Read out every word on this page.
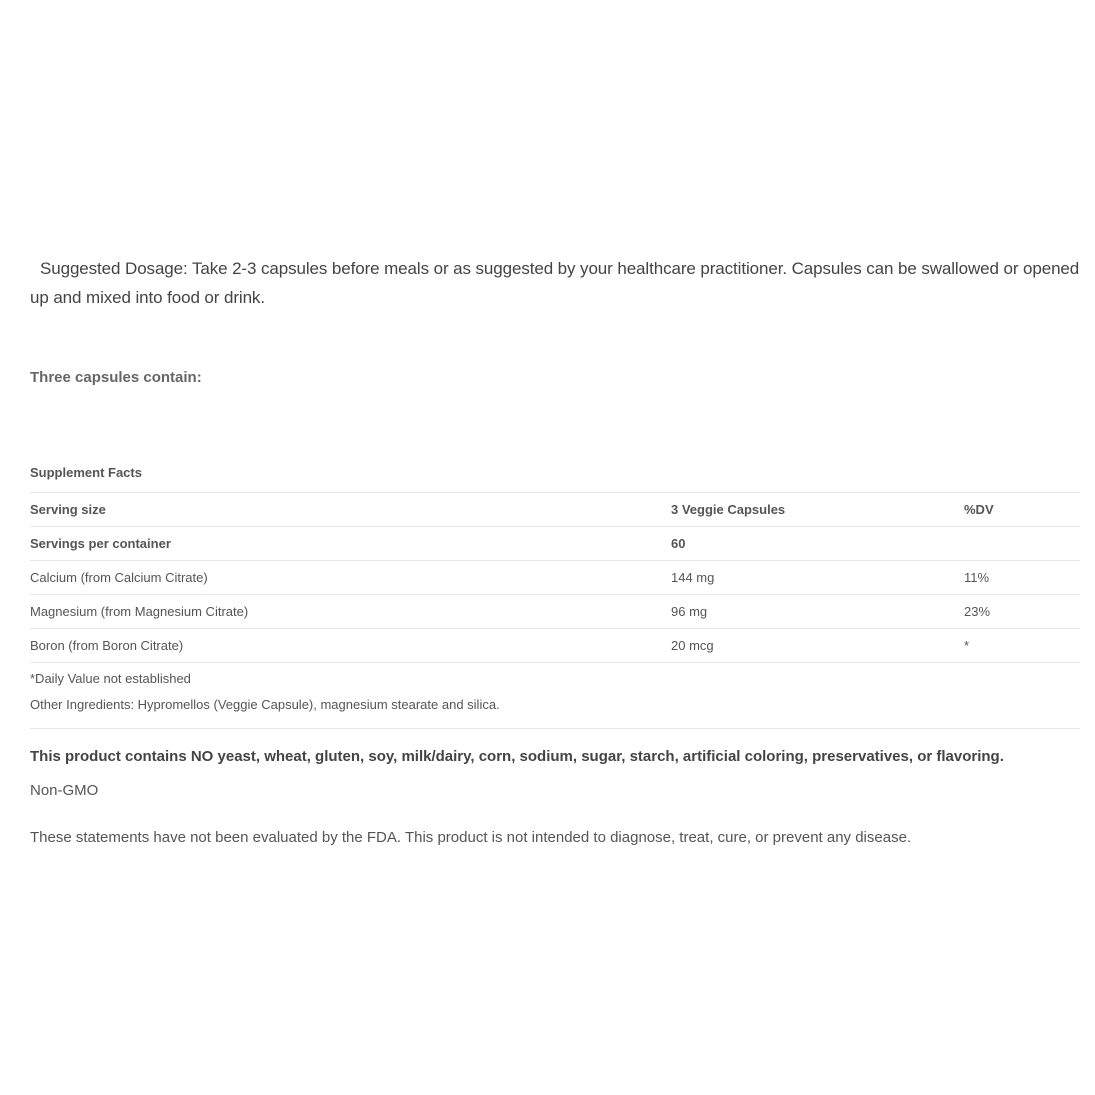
Suggested Dosage: Take 2-3 capsules before meals or as suggested by your healthcare practitioner. Capsules can be swallowed or opened up and mixed into food or drink.

Three capsules contain:

Supplement Facts
Serving size	3 Veggie Capsules	%DV
Servings per container	60
Calcium (from Calcium Citrate)	144 mg	11%
Magnesium (from Magnesium Citrate)	96 mg	23%
Boron (from Boron Citrate)	20 mcg	*
*Daily Value not established
Other Ingredients: Hypromellos (Veggie Capsule), magnesium stearate and silica.

This product contains NO yeast, wheat, gluten, soy, milk/dairy, corn, sodium, sugar, starch, artificial coloring, preservatives, or flavoring.

Non-GMO

These statements have not been evaluated by the FDA. This product is not intended to diagnose, treat, cure, or prevent any disease.
